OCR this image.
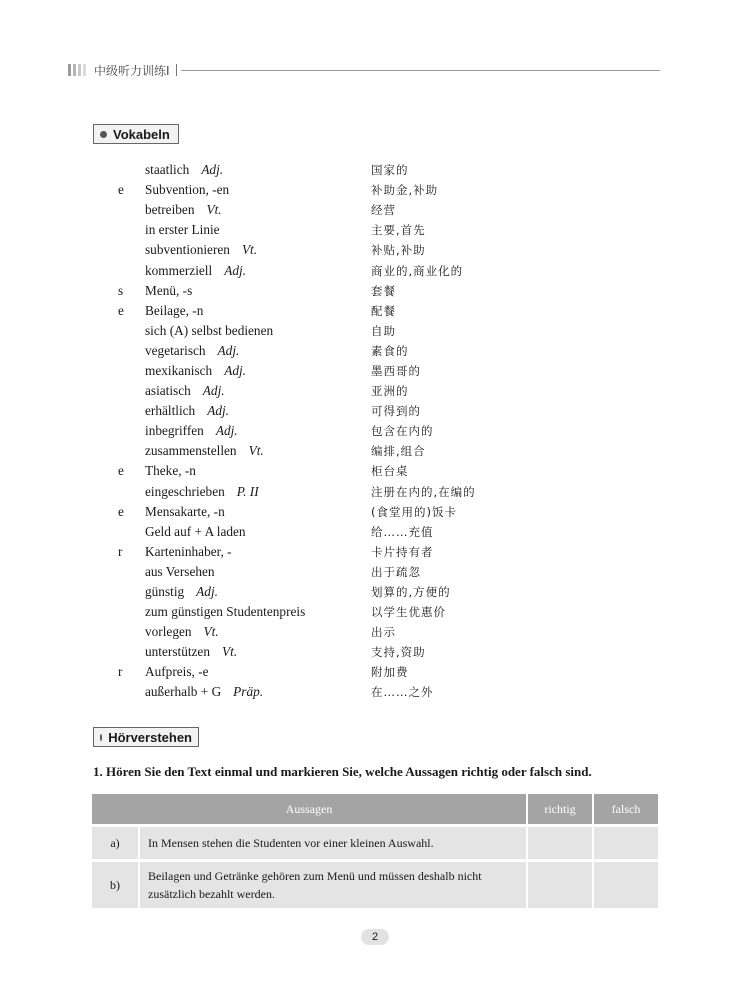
中级听力训练Ⅰ
Vokabeln
staatlich Adj.	国家的
e	Subvention, -en	补助金,补助
betreiben Vt.	经营
in erster Linie	主要,首先
subventionieren Vt.	补贴,补助
kommerziell Adj.	商业的,商业化的
s	Menü, -s	套餐
e	Beilage, -n	配餐
sich (A) selbst bedienen	自助
vegetarisch Adj.	素食的
mexikanisch Adj.	墨西哥的
asiatisch Adj.	亚洲的
erhältlich Adj.	可得到的
inbegriffen Adj.	包含在内的
zusammenstellen Vt.	编排,组合
e	Theke, -n	柜台桌
eingeschrieben P. II	注册在内的,在编的
e	Mensakarte, -n	(食堂用的)饭卡
Geld auf + A laden	给……充值
r	Karteninhaber, -	卡片持有者
aus Versehen	出于疏忽
günstig Adj.	划算的,方便的
zum günstigen Studentenpreis	以学生优惠价
vorlegen Vt.	出示
unterstützen Vt.	支持,资助
r	Aufpreis, -e	附加费
außerhalb + G Präp.	在……之外
Hörverstehen
1. Hören Sie den Text einmal und markieren Sie, welche Aussagen richtig oder falsch sind.
Aussagen		richtig	falsch
a)	In Mensen stehen die Studenten vor einer kleinen Auswahl.		
b)	Beilagen und Getränke gehören zum Menü und müssen deshalb nicht zusätzlich bezahlt werden.		
2
